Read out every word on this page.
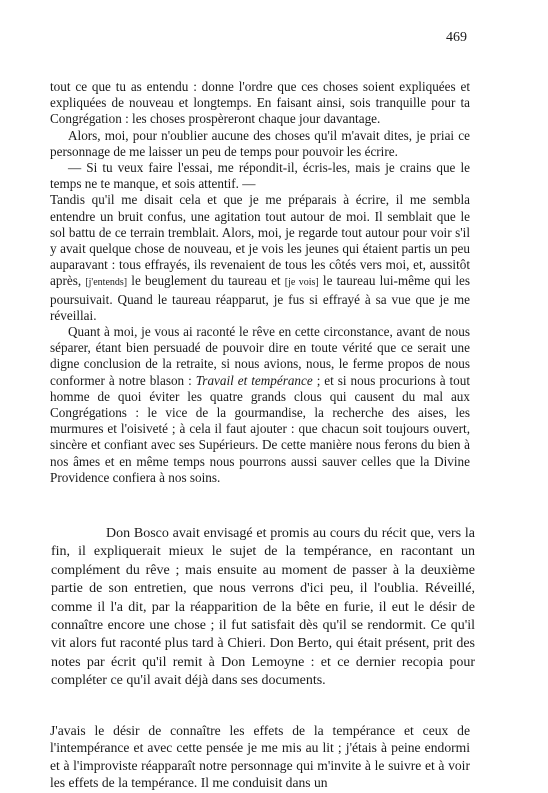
469

tout ce que tu as entendu : donne l'ordre que ces choses soient expliquées et expliquées de nouveau et longtemps. En faisant ainsi, sois tranquille pour ta Congrégation : les choses prospèreront chaque jour davantage.

Alors, moi, pour n'oublier aucune des choses qu'il m'avait dites, je priai ce personnage de me laisser un peu de temps pour pouvoir les écrire.

— Si tu veux faire l'essai, me répondit-il, écris-les, mais je crains que le temps ne te manque, et sois attentif. —

Tandis qu'il me disait cela et que je me préparais à écrire, il me sembla entendre un bruit confus, une agitation tout autour de moi. Il semblait que le sol battu de ce terrain tremblait. Alors, moi, je regarde tout autour pour voir s'il y avait quelque chose de nouveau, et je vois les jeunes qui étaient partis un peu auparavant : tous effrayés, ils revenaient de tous les côtés vers moi, et, aussitôt après, [j'entends] le beuglement du taureau et [je vois] le taureau lui-même qui les poursuivait. Quand le taureau réapparut, je fus si effrayé à sa vue que je me réveillai.

Quant à moi, je vous ai raconté le rêve en cette circonstance, avant de nous séparer, étant bien persuadé de pouvoir dire en toute vérité que ce serait une digne conclusion de la retraite, si nous avions, nous, le ferme propos de nous conformer à notre blason : Travail et tempérance ; et si nous procurions à tout homme de quoi éviter les quatre grands clous qui causent du mal aux Congrégations : le vice de la gourmandise, la recherche des aises, les murmures et l'oisiveté ; à cela il faut ajouter : que chacun soit toujours ouvert, sincère et confiant avec ses Supérieurs. De cette manière nous ferons du bien à nos âmes et en même temps nous pourrons aussi sauver celles que la Divine Providence confiera à nos soins.

Don Bosco avait envisagé et promis au cours du récit que, vers la fin, il expliquerait mieux le sujet de la tempérance, en racontant un complément du rêve ; mais ensuite au moment de passer à la deuxième partie de son entretien, que nous verrons d'ici peu, il l'oublia. Réveillé, comme il l'a dit, par la réapparition de la bête en furie, il eut le désir de connaître encore une chose ; il fut satisfait dès qu'il se rendormit. Ce qu'il vit alors fut raconté plus tard à Chieri. Don Berto, qui était présent, prit des notes par écrit qu'il remit à Don Lemoyne : et ce dernier recopia pour compléter ce qu'il avait déjà dans ses documents.

J'avais le désir de connaître les effets de la tempérance et ceux de l'intempérance et avec cette pensée je me mis au lit ; j'étais à peine endormi et à l'improviste réapparaît notre personnage qui m'invite à le suivre et à voir les effets de la tempérance. Il me conduisit dans un
